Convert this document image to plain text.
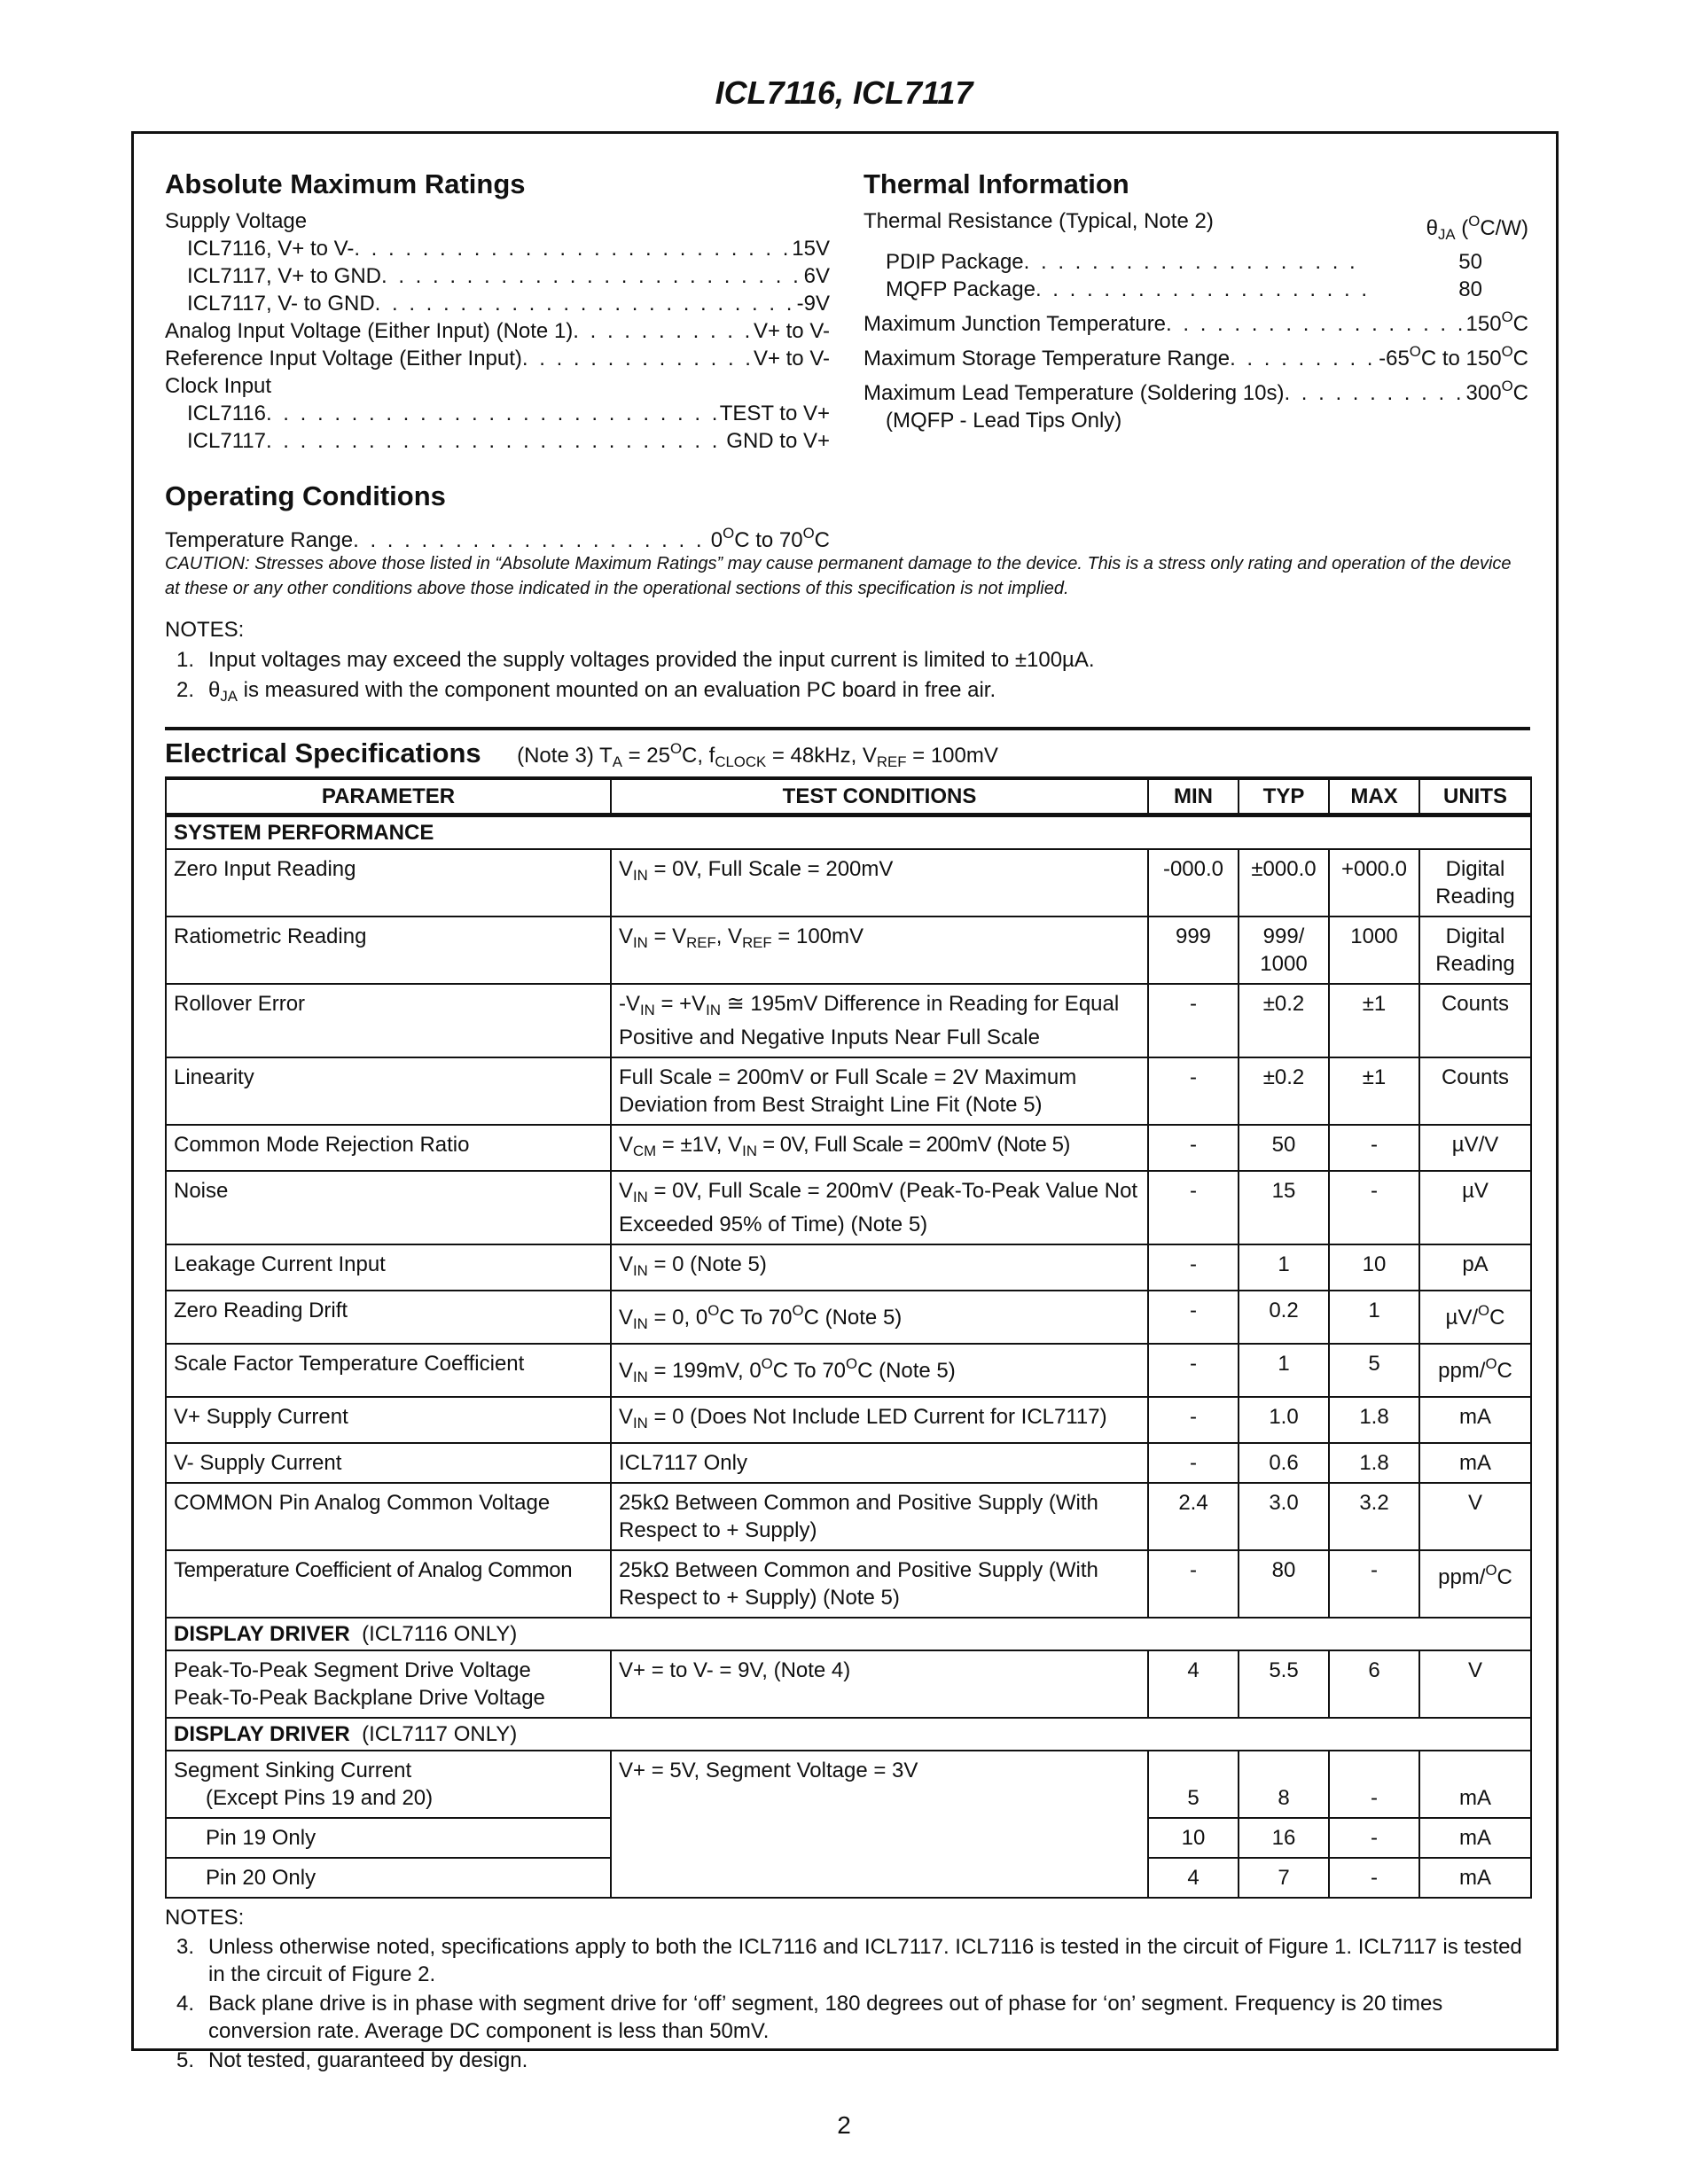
ICL7116, ICL7117
Absolute Maximum Ratings
Supply Voltage
ICL7116, V+ to V- . . .	15V
ICL7117, V+ to GND . . .	6V
ICL7117, V- to GND . . .	-9V
Analog Input Voltage (Either Input) (Note 1) . . .	V+ to V-
Reference Input Voltage (Either Input) . . .	V+ to V-
Clock Input
ICL7116 . . .	TEST to V+
ICL7117 . . .	GND to V+
Thermal Information
Thermal Resistance (Typical, Note 2)	$\theta_{JA}$ ($^O$C/W)
PDIP Package . . .	50
MQFP Package . . .	80
Maximum Junction Temperature . . .	$150^OC$
Maximum Storage Temperature Range . . .	$-65^OC$ to $150^OC$
Maximum Lead Temperature (Soldering 10s) . . .	$300^OC$
(MQFP - Lead Tips Only)
Operating Conditions
Temperature Range . . .	$0^OC$ to $70^OC$
CAUTION: Stresses above those listed in “Absolute Maximum Ratings” may cause permanent damage to the device. This is a stress only rating and operation of the device at these or any other conditions above those indicated in the operational sections of this specification is not implied.
NOTES:
1. Input voltages may exceed the supply voltages provided the input current is limited to ±100µA.
2. $\theta_{JA}$ is measured with the component mounted on an evaluation PC board in free air.
Electrical Specifications (Note 3) $T_A = 25^OC$, $f_{CLOCK} = 48kHz$, $V_{REF} = 100mV$
PARAMETER	TEST CONDITIONS	MIN	TYP	MAX	UNITS
SYSTEM PERFORMANCE					
Zero Input Reading	$V_{IN} = 0V$, Full Scale = 200mV	-000.0	±000.0	+000.0	Digital Reading
Ratiometric Reading	$V_{IN} = V_{REF}$, $V_{REF} = 100mV$	999	999/ 1000	1000	Digital Reading
Rollover Error	$-V_{IN} = +V_{IN}$ ≅ 195mV Difference in Reading for Equal Positive and Negative Inputs Near Full Scale	-	±0.2	±1	Counts
Linearity	Full Scale = 200mV or Full Scale = 2V Maximum Deviation from Best Straight Line Fit (Note 5)	-	±0.2	±1	Counts
Common Mode Rejection Ratio	$V_{CM} = \pm 1V$, $V_{IN} = 0V$, Full Scale = 200mV (Note 5)	-	50	-	µV/V
Noise	$V_{IN} = 0V$, Full Scale = 200mV (Peak-To-Peak Value Not Exceeded 95% of Time) (Note 5)	-	15	-	µV
Leakage Current Input	$V_{IN} = 0$ (Note 5)	-	1	10	pA
Zero Reading Drift	$V_{IN} = 0$, $0^OC$ To $70^OC$ (Note 5)	-	0.2	1	µV/$^O$C
Scale Factor Temperature Coefficient	$V_{IN} = 199mV$, $0^OC$ To $70^OC$ (Note 5)	-	1	5	ppm/$^O$C
V+ Supply Current	$V_{IN} = 0$ (Does Not Include LED Current for ICL7117)	-	1.0	1.8	mA
V- Supply Current	ICL7117 Only	-	0.6	1.8	mA
COMMON Pin Analog Common Voltage	25kΩ Between Common and Positive Supply (With Respect to + Supply)	2.4	3.0	3.2	V
Temperature Coefficient of Analog Common	25kΩ Between Common and Positive Supply (With Respect to + Supply) (Note 5)	-	80	-	ppm/$^O$C
DISPLAY DRIVER (ICL7116 ONLY)					

Peak-To-Peak Segment Drive Voltage
Peak-To-Peak Backplane Drive Voltage	V+ = to V- = 9V, (Note 4)	4	5.5	6	V
DISPLAY DRIVER (ICL7117 ONLY)					

Segment Sinking Current
(Except Pins 19 and 20)	V+ = 5V, Segment Voltage = 3V	5	8	-	mA
Pin 19 Only		10	16	-	mA
Pin 20 Only		4	7	-	mA
NOTES:
3. Unless otherwise noted, specifications apply to both the ICL7116 and ICL7117. ICL7116 is tested in the circuit of Figure 1. ICL7117 is tested in the circuit of Figure 2.
4. Back plane drive is in phase with segment drive for ‘off’ segment, 180 degrees out of phase for ‘on’ segment. Frequency is 20 times conversion rate. Average DC component is less than 50mV.
5. Not tested, guaranteed by design.
2
